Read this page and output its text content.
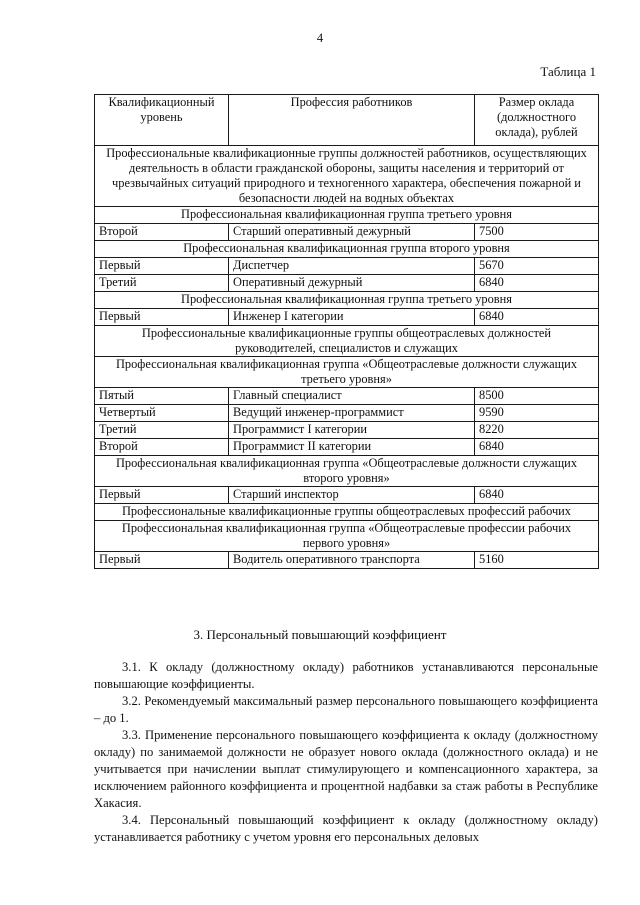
4
Таблица 1
Квалификационный уровень	Профессия работников	Размер оклада (должностного оклада), рублей
Профессиональные квалификационные группы должностей работников, осуществляющих деятельность в области гражданской обороны, защиты населения и территорий от чрезвычайных ситуаций природного и техногенного характера, обеспечения пожарной и безопасности людей на водных объектах		
Профессиональная квалификационная группа третьего уровня		
Второй	Старший оперативный дежурный	7500
Профессиональная квалификационная группа второго уровня		
Первый	Диспетчер	5670
Третий	Оперативный дежурный	6840
Профессиональная квалификационная группа третьего уровня		
Первый	Инженер I категории	6840
Профессиональные квалификационные группы общеотраслевых должностей руководителей, специалистов и служащих		
Профессиональная квалификационная группа «Общеотраслевые должности служащих третьего уровня»		
Пятый	Главный специалист	8500
Четвертый	Ведущий инженер-программист	9590
Третий	Программист I категории	8220
Второй	Программист II категории	6840
Профессиональная квалификационная группа «Общеотраслевые должности служащих второго уровня»		
Первый	Старший инспектор	6840
Профессиональные квалификационные группы общеотраслевых профессий рабочих		
Профессиональная квалификационная группа «Общеотраслевые профессии рабочих первого уровня»		
Первый	Водитель оперативного транспорта	5160
3. Персональный повышающий коэффициент

3.1. К окладу (должностному окладу) работников устанавливаются персональные повышающие коэффициенты.

3.2. Рекомендуемый максимальный размер персонального повышающего коэффициента – до 1.

3.3. Применение персонального повышающего коэффициента к окладу (должностному окладу) по занимаемой должности не образует нового оклада (должностного оклада) и не учитывается при начислении выплат стимулирующего и компенсационного характера, за исключением районного коэффициента и процентной надбавки за стаж работы в Республике Хакасия.

3.4. Персональный повышающий коэффициент к окладу (должностному окладу) устанавливается работнику с учетом уровня его персональных деловых
